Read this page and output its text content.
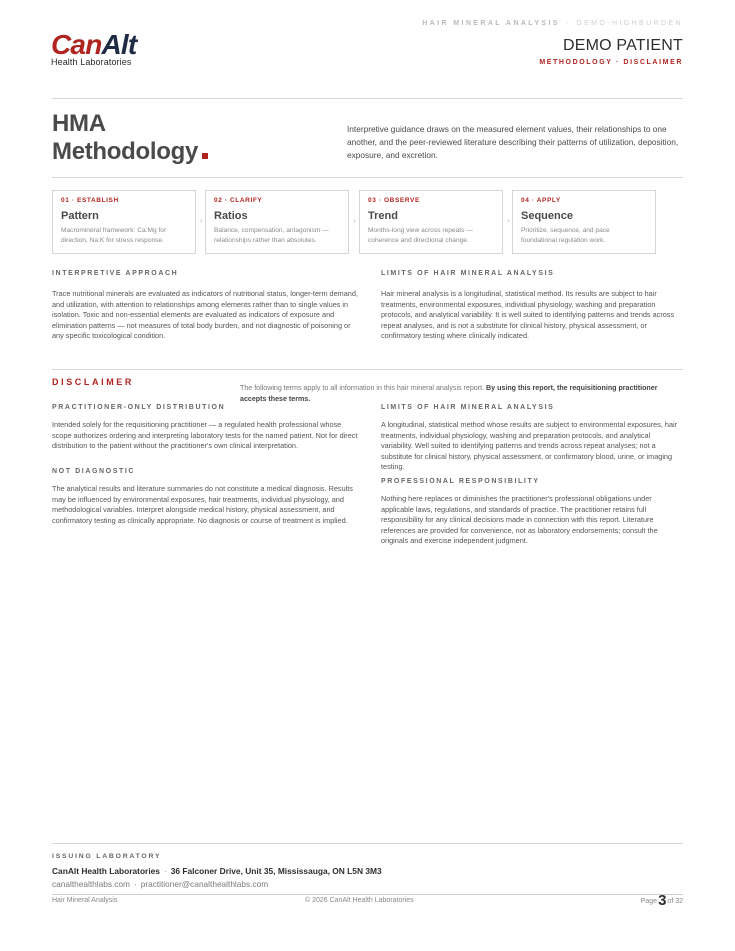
HAIR MINERAL ANALYSIS · DEMO-HIGHBURDEN
CanAlt
Health Laboratories
DEMO PATIENT
METHODOLOGY · DISCLAIMER
HMA
Methodology
Interpretive guidance draws on the measured element values, their relationships to one another, and the peer-reviewed literature describing their patterns of utilization, deposition, exposure, and excretion.
01 · ESTABLISH
Pattern
Macromineral framework: Ca:Mg for direction, Na:K for stress response.
›
02 · CLARIFY
Ratios
Balance, compensation, antagonism — relationships rather than absolutes.
›
03 · OBSERVE
Trend
Months-long view across repeats — coherence and directional change.
›
04 · APPLY
Sequence
Prioritize, sequence, and pace foundational regulation work.
INTERPRETIVE APPROACH
Trace nutritional minerals are evaluated as indicators of nutritional status, longer-term demand, and utilization, with attention to relationships among elements rather than to single values in isolation. Toxic and non-essential elements are evaluated as indicators of exposure and elimination patterns — not measures of total body burden, and not diagnostic of poisoning or any specific toxicological condition.
LIMITS OF HAIR MINERAL ANALYSIS
Hair mineral analysis is a longitudinal, statistical method. Its results are subject to hair treatments, environmental exposures, individual physiology, washing and preparation protocols, and analytical variability. It is well suited to identifying patterns and trends across repeat analyses, and is not a substitute for clinical history, physical assessment, or confirmatory testing where clinically indicated.
DISCLAIMER
The following terms apply to all information in this hair mineral analysis report. By using this report, the requisitioning practitioner accepts these terms.
PRACTITIONER-ONLY DISTRIBUTION
Intended solely for the requisitioning practitioner — a regulated health professional whose scope authorizes ordering and interpreting laboratory tests for the named patient. Not for direct distribution to the patient without the practitioner's own clinical interpretation.
NOT DIAGNOSTIC
The analytical results and literature summaries do not constitute a medical diagnosis. Results may be influenced by environmental exposures, hair treatments, individual physiology, and methodological variables. Interpret alongside medical history, physical assessment, and confirmatory testing as clinically appropriate. No diagnosis or course of treatment is implied.
LIMITS OF HAIR MINERAL ANALYSIS
A longitudinal, statistical method whose results are subject to environmental exposures, hair treatments, individual physiology, washing and preparation protocols, and analytical variability. Well suited to identifying patterns and trends across repeat analyses; not a substitute for clinical history, physical assessment, or confirmatory blood, urine, or imaging testing.
PROFESSIONAL RESPONSIBILITY
Nothing here replaces or diminishes the practitioner's professional obligations under applicable laws, regulations, and standards of practice. The practitioner retains full responsibility for any clinical decisions made in connection with this report. Literature references are provided for convenience, not as laboratory endorsements; consult the originals and exercise independent judgment.
ISSUING LABORATORY
CanAlt Health Laboratories · 36 Falconer Drive, Unit 35, Mississauga, ON L5N 3M3
canalthealthlabs.com · practitioner@canalthealthlabs.com
Hair Mineral Analysis	© 2026 CanAlt Health Laboratories	Page3of 32
